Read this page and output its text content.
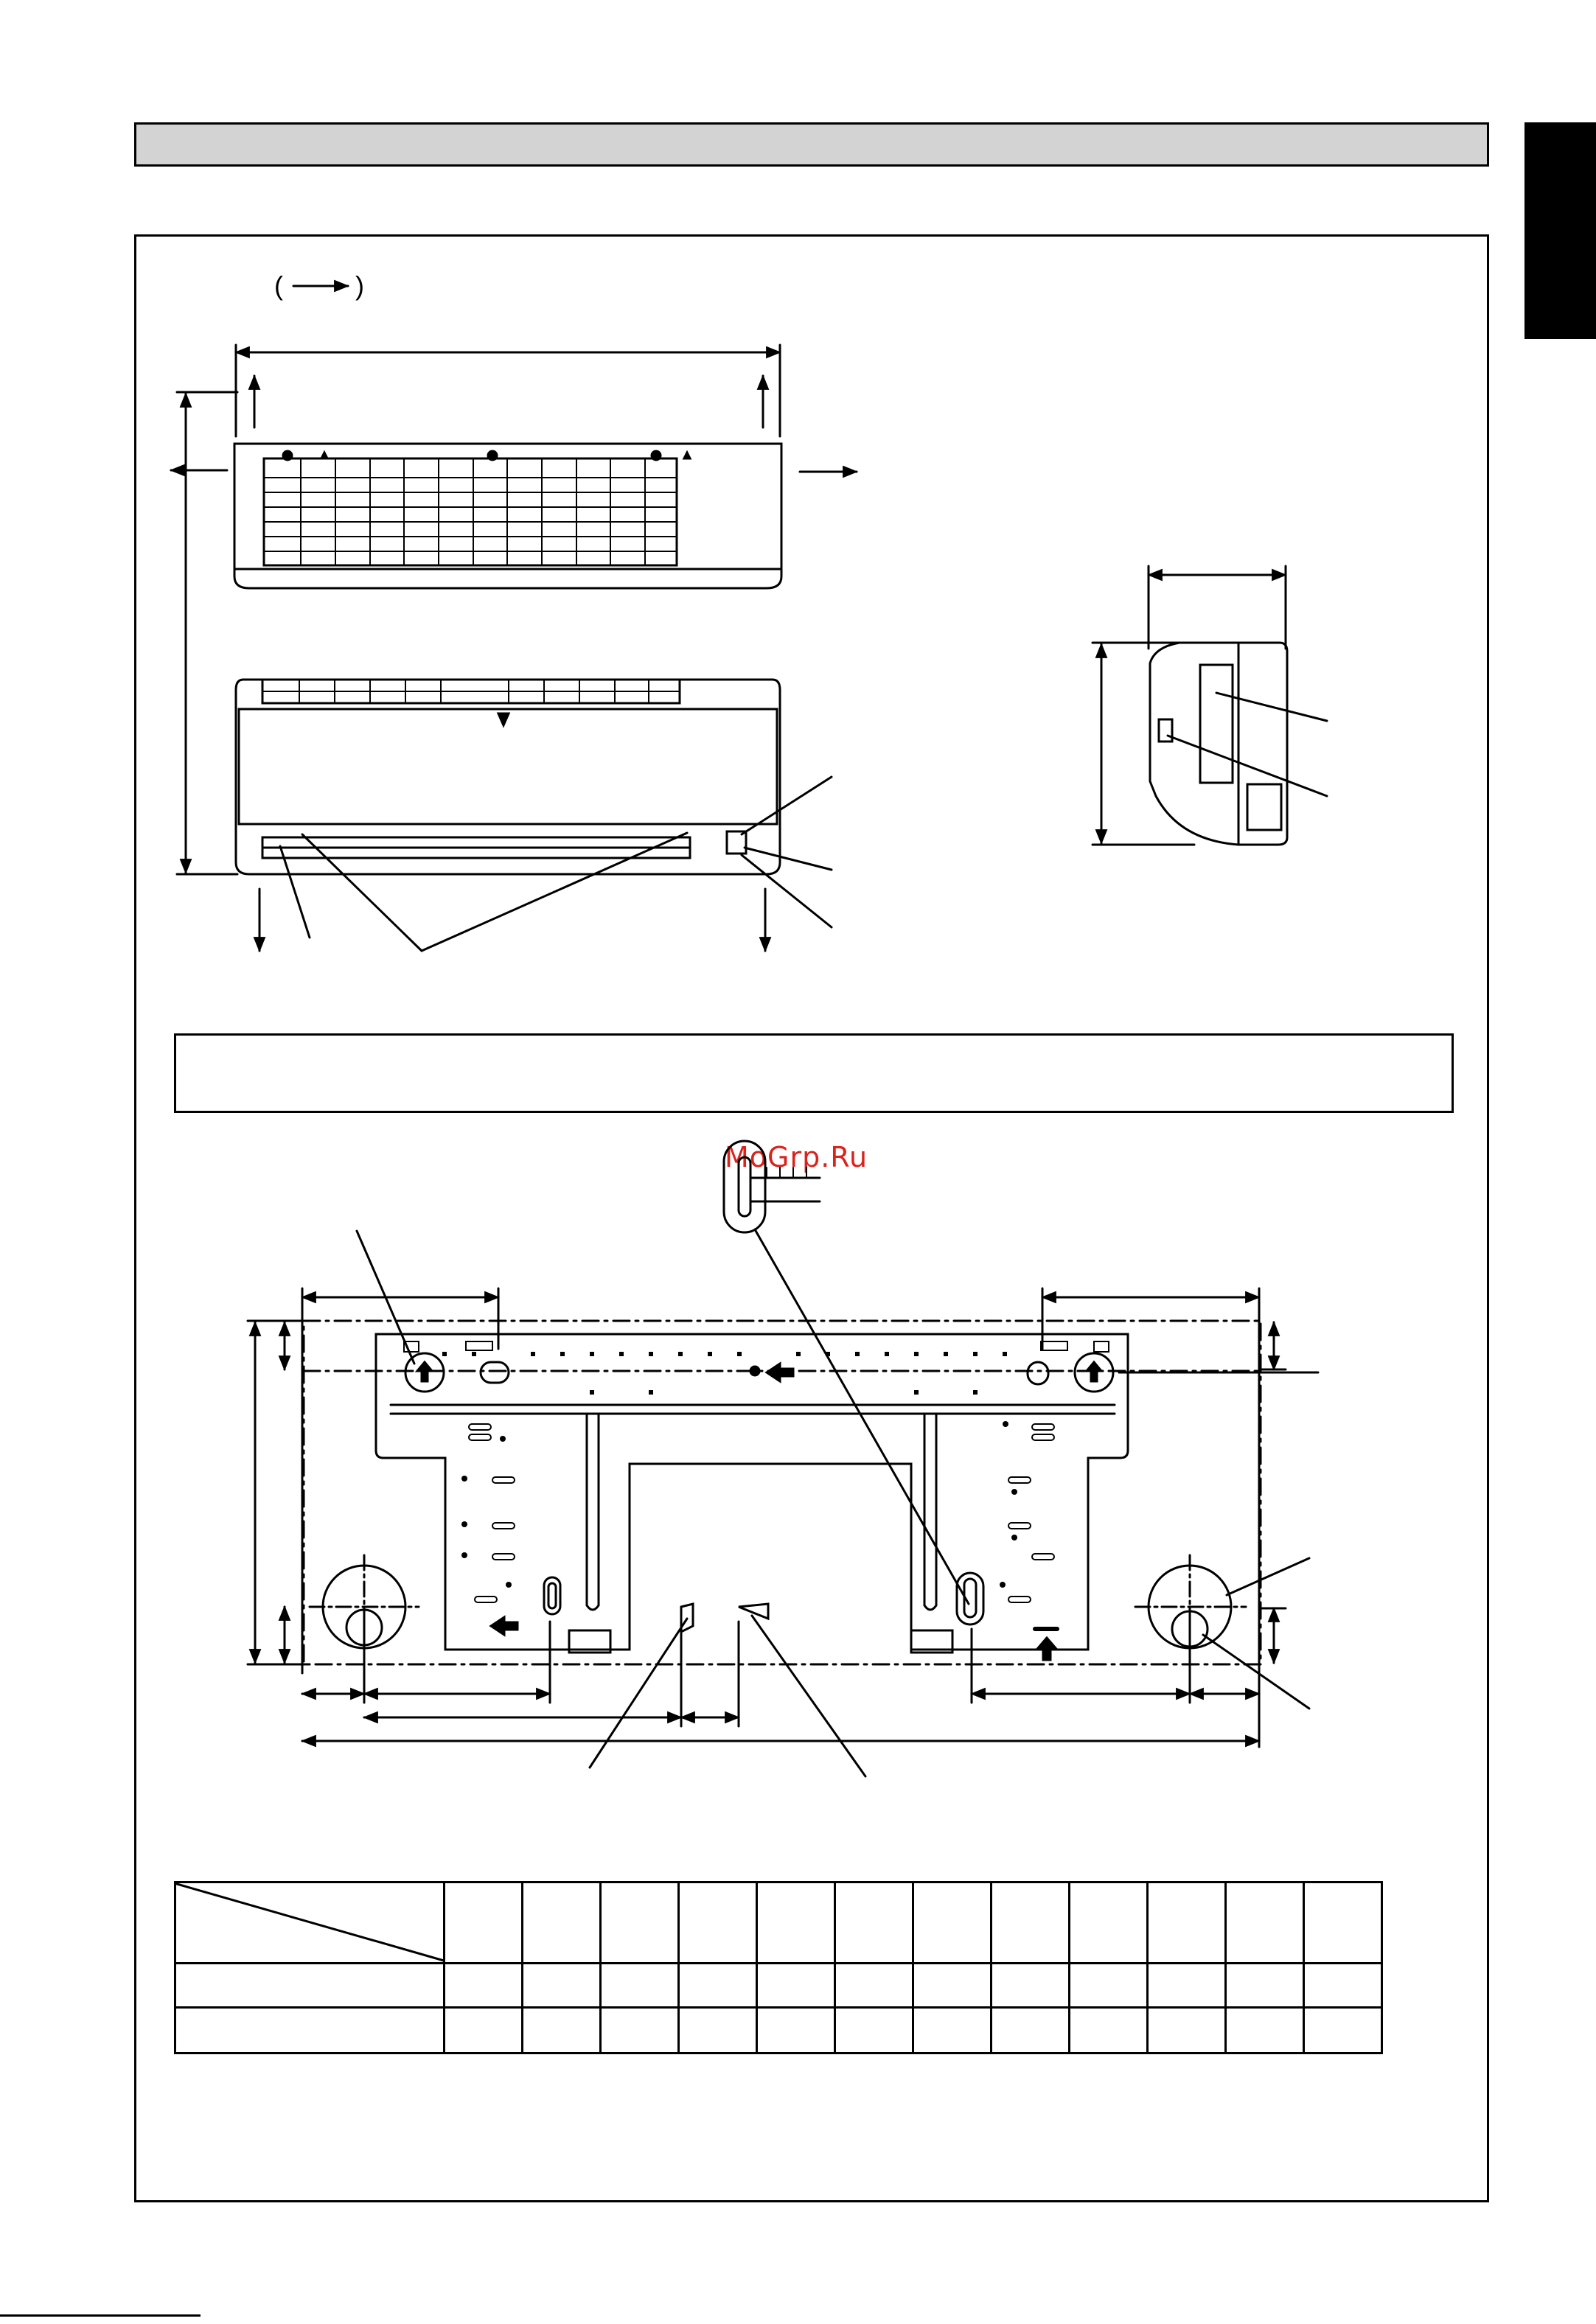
MoGrp.Ru
(	)
